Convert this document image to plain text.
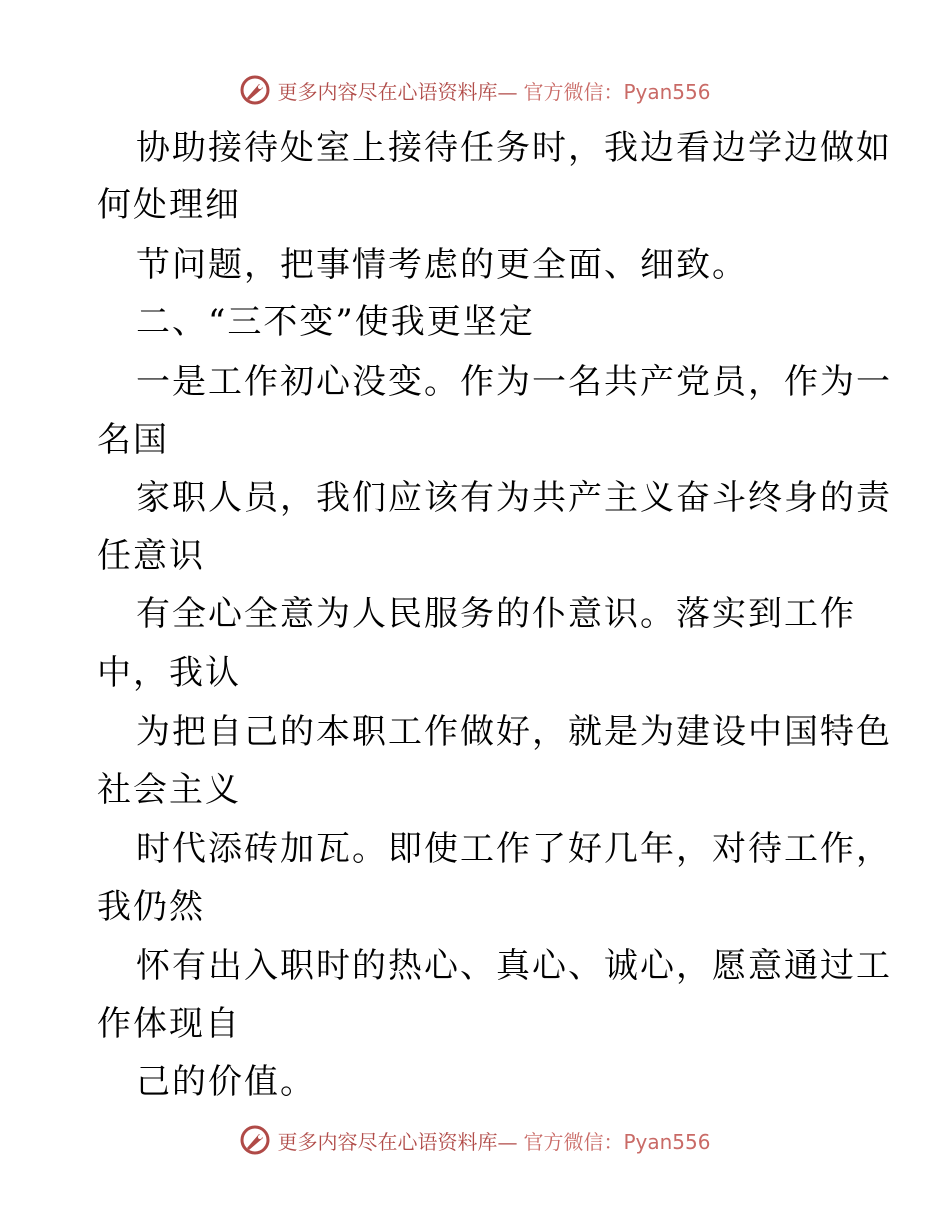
更多内容尽在心语资料库— 官方微信：Pyan556
协助接待处室上接待任务时，我边看边学边做如
何处理细
节问题，把事情考虑的更全面、细致。
二、“三不变”使我更坚定
一是工作初心没变。作为一名共产党员，作为一
名国
家职人员，我们应该有为共产主义奋斗终身的责
任意识
有全心全意为人民服务的仆意识。落实到工作
中，我认
为把自己的本职工作做好，就是为建设中国特色
社会主义
时代添砖加瓦。即使工作了好几年，对待工作，
我仍然
怀有出入职时的热心、真心、诚心，愿意通过工
作体现自
己的价值。
更多内容尽在心语资料库— 官方微信：Pyan556
